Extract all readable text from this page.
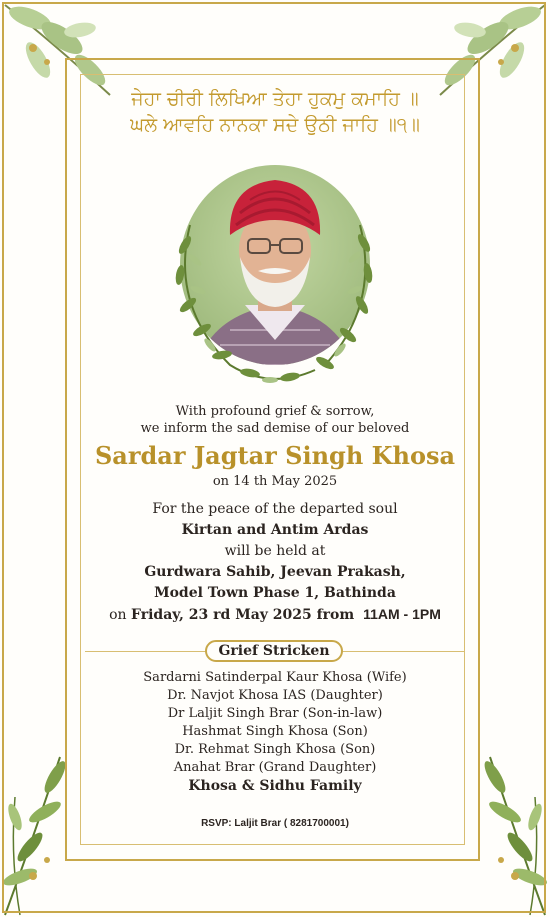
ਜੇਹਾ ਚੀਰੀ ਲਿਖਿਆ ਤੇਹਾ ਹੁਕਮੁ ਕਮਾਹਿ ॥
ਘਲੇ ਆਵਹਿ ਨਾਨਕਾ ਸਦੇ ਉਠੀ ਜਾਹਿ ॥੧॥
With profound grief & sorrow,
we inform the sad demise of our beloved
Sardar Jagtar Singh Khosa
on 14 th May 2025
For the peace of the departed soul
Kirtan and Antim Ardas
will be held at
Gurdwara Sahib, Jeevan Prakash,
Model Town Phase 1, Bathinda
on Friday, 23 rd May 2025 from 11AM - 1PM
Grief Stricken
Sardarni Satinderpal Kaur Khosa (Wife)
Dr. Navjot Khosa IAS (Daughter)
Dr Laljit Singh Brar (Son-in-law)
Hashmat Singh Khosa (Son)
Dr. Rehmat Singh Khosa (Son)
Anahat Brar (Grand Daughter)
Khosa & Sidhu Family
RSVP: Laljit Brar ( 8281700001)
